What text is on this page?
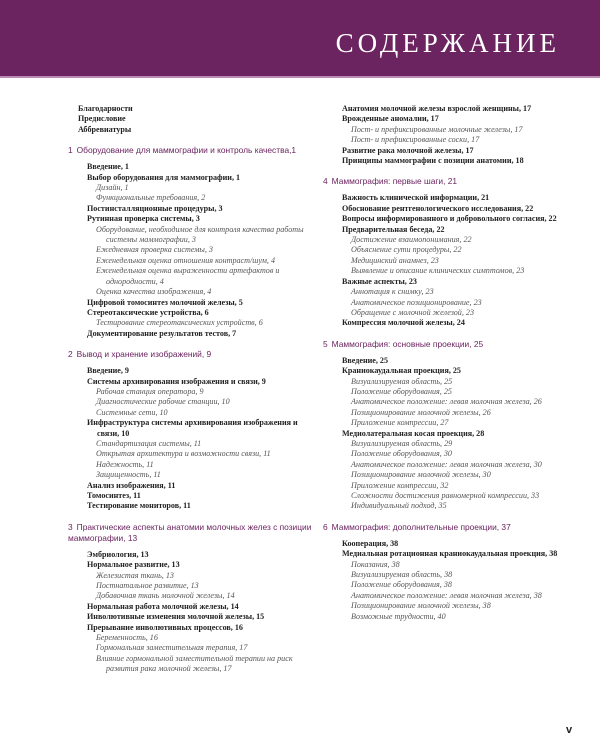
СОДЕРЖАНИЕ
Благодарности
Предисловие
Аббревиатуры
1 Оборудование для маммографии и контроль качества,1
Введение, 1
Выбор оборудования для маммографии, 1
Дизайн, 1
Функциональные требования, 2
Постинсталляционные процедуры, 3
Рутинная проверка системы, 3
Оборудование, необходимое для контроля качества работы системы маммографии, 3
Ежедневная проверка системы, 3
Еженедельная оценка отношения контраст/шум, 4
Еженедельная оценка выраженности артефактов и однородности, 4
Оценка качества изображения, 4
Цифровой томосинтез молочной железы, 5
Стереотаксические устройства, 6
Тестирование стереотаксических устройств, 6
Документирование результатов тестов, 7
2 Вывод и хранение изображений, 9
Введение, 9
Системы архивирования изображения и связи, 9
Рабочая станция оператора, 9
Диагностические рабочие станции, 10
Системные сети, 10
Инфраструктура системы архивирования изображения и связи, 10
Стандартизация системы, 11
Открытая архитектура и возможности связи, 11
Надежность, 11
Защищенность, 11
Анализ изображения, 11
Томосинтез, 11
Тестирование мониторов, 11
3 Практические аспекты анатомии молочных желез с позиции маммографии, 13
Эмбриология, 13
Нормальное развитие, 13
Железистая ткань, 13
Постнатальное развитие, 13
Добавочная ткань молочной железы, 14
Нормальная работа молочной железы, 14
Инволютивные изменения молочной железы, 15
Прерывание инволютивных процессов, 16
Беременность, 16
Гормональная заместительная терапия, 17
Влияние гормональной заместительной терапии на риск развития рака молочной железы, 17
Анатомия молочной железы взрослой женщины, 17
Врожденные аномалии, 17
Пост- и префиксированные молочные железы, 17
Пост- и префиксированные соски, 17
Развитие рака молочной железы, 17
Принципы маммографии с позиции анатомии, 18
4 Маммография: первые шаги, 21
Важность клинической информации, 21
Обоснование рентгенологического исследования, 22
Вопросы информированного и добровольного согласия, 22
Предварительная беседа, 22
Достижение взаимопонимания, 22
Объяснение сути процедуры, 22
Медицинский анамнез, 23
Выявление и описание клинических симптомов, 23
Важные аспекты, 23
Аннотация к снимку, 23
Анатомическое позиционирование, 23
Обращение с молочной железой, 23
Компрессия молочной железы, 24
5 Маммография: основные проекции, 25
Введение, 25
Краниокаудальная проекция, 25
Визуализируемая область, 25
Положение оборудования, 25
Анатомическое положение: левая молочная железа, 26
Позиционирование молочной железы, 26
Приложение компрессии, 27
Медиолатеральная косая проекция, 28
Визуализируемая область, 29
Положение оборудования, 30
Анатомическое положение: левая молочная железа, 30
Позиционирование молочной железы, 30
Приложение компрессии, 32
Сложности достижения равномерной компрессии, 33
Индивидуальный подход, 35
6 Маммография: дополнительные проекции, 37
Кооперация, 38
Медиальная ротационная краниокаудальная проекция, 38
Показания, 38
Визуализируемая область, 38
Положение оборудования, 38
Анатомическое положение: левая молочная железа, 38
Позиционирование молочной железы, 38
Возможные трудности, 40
v
